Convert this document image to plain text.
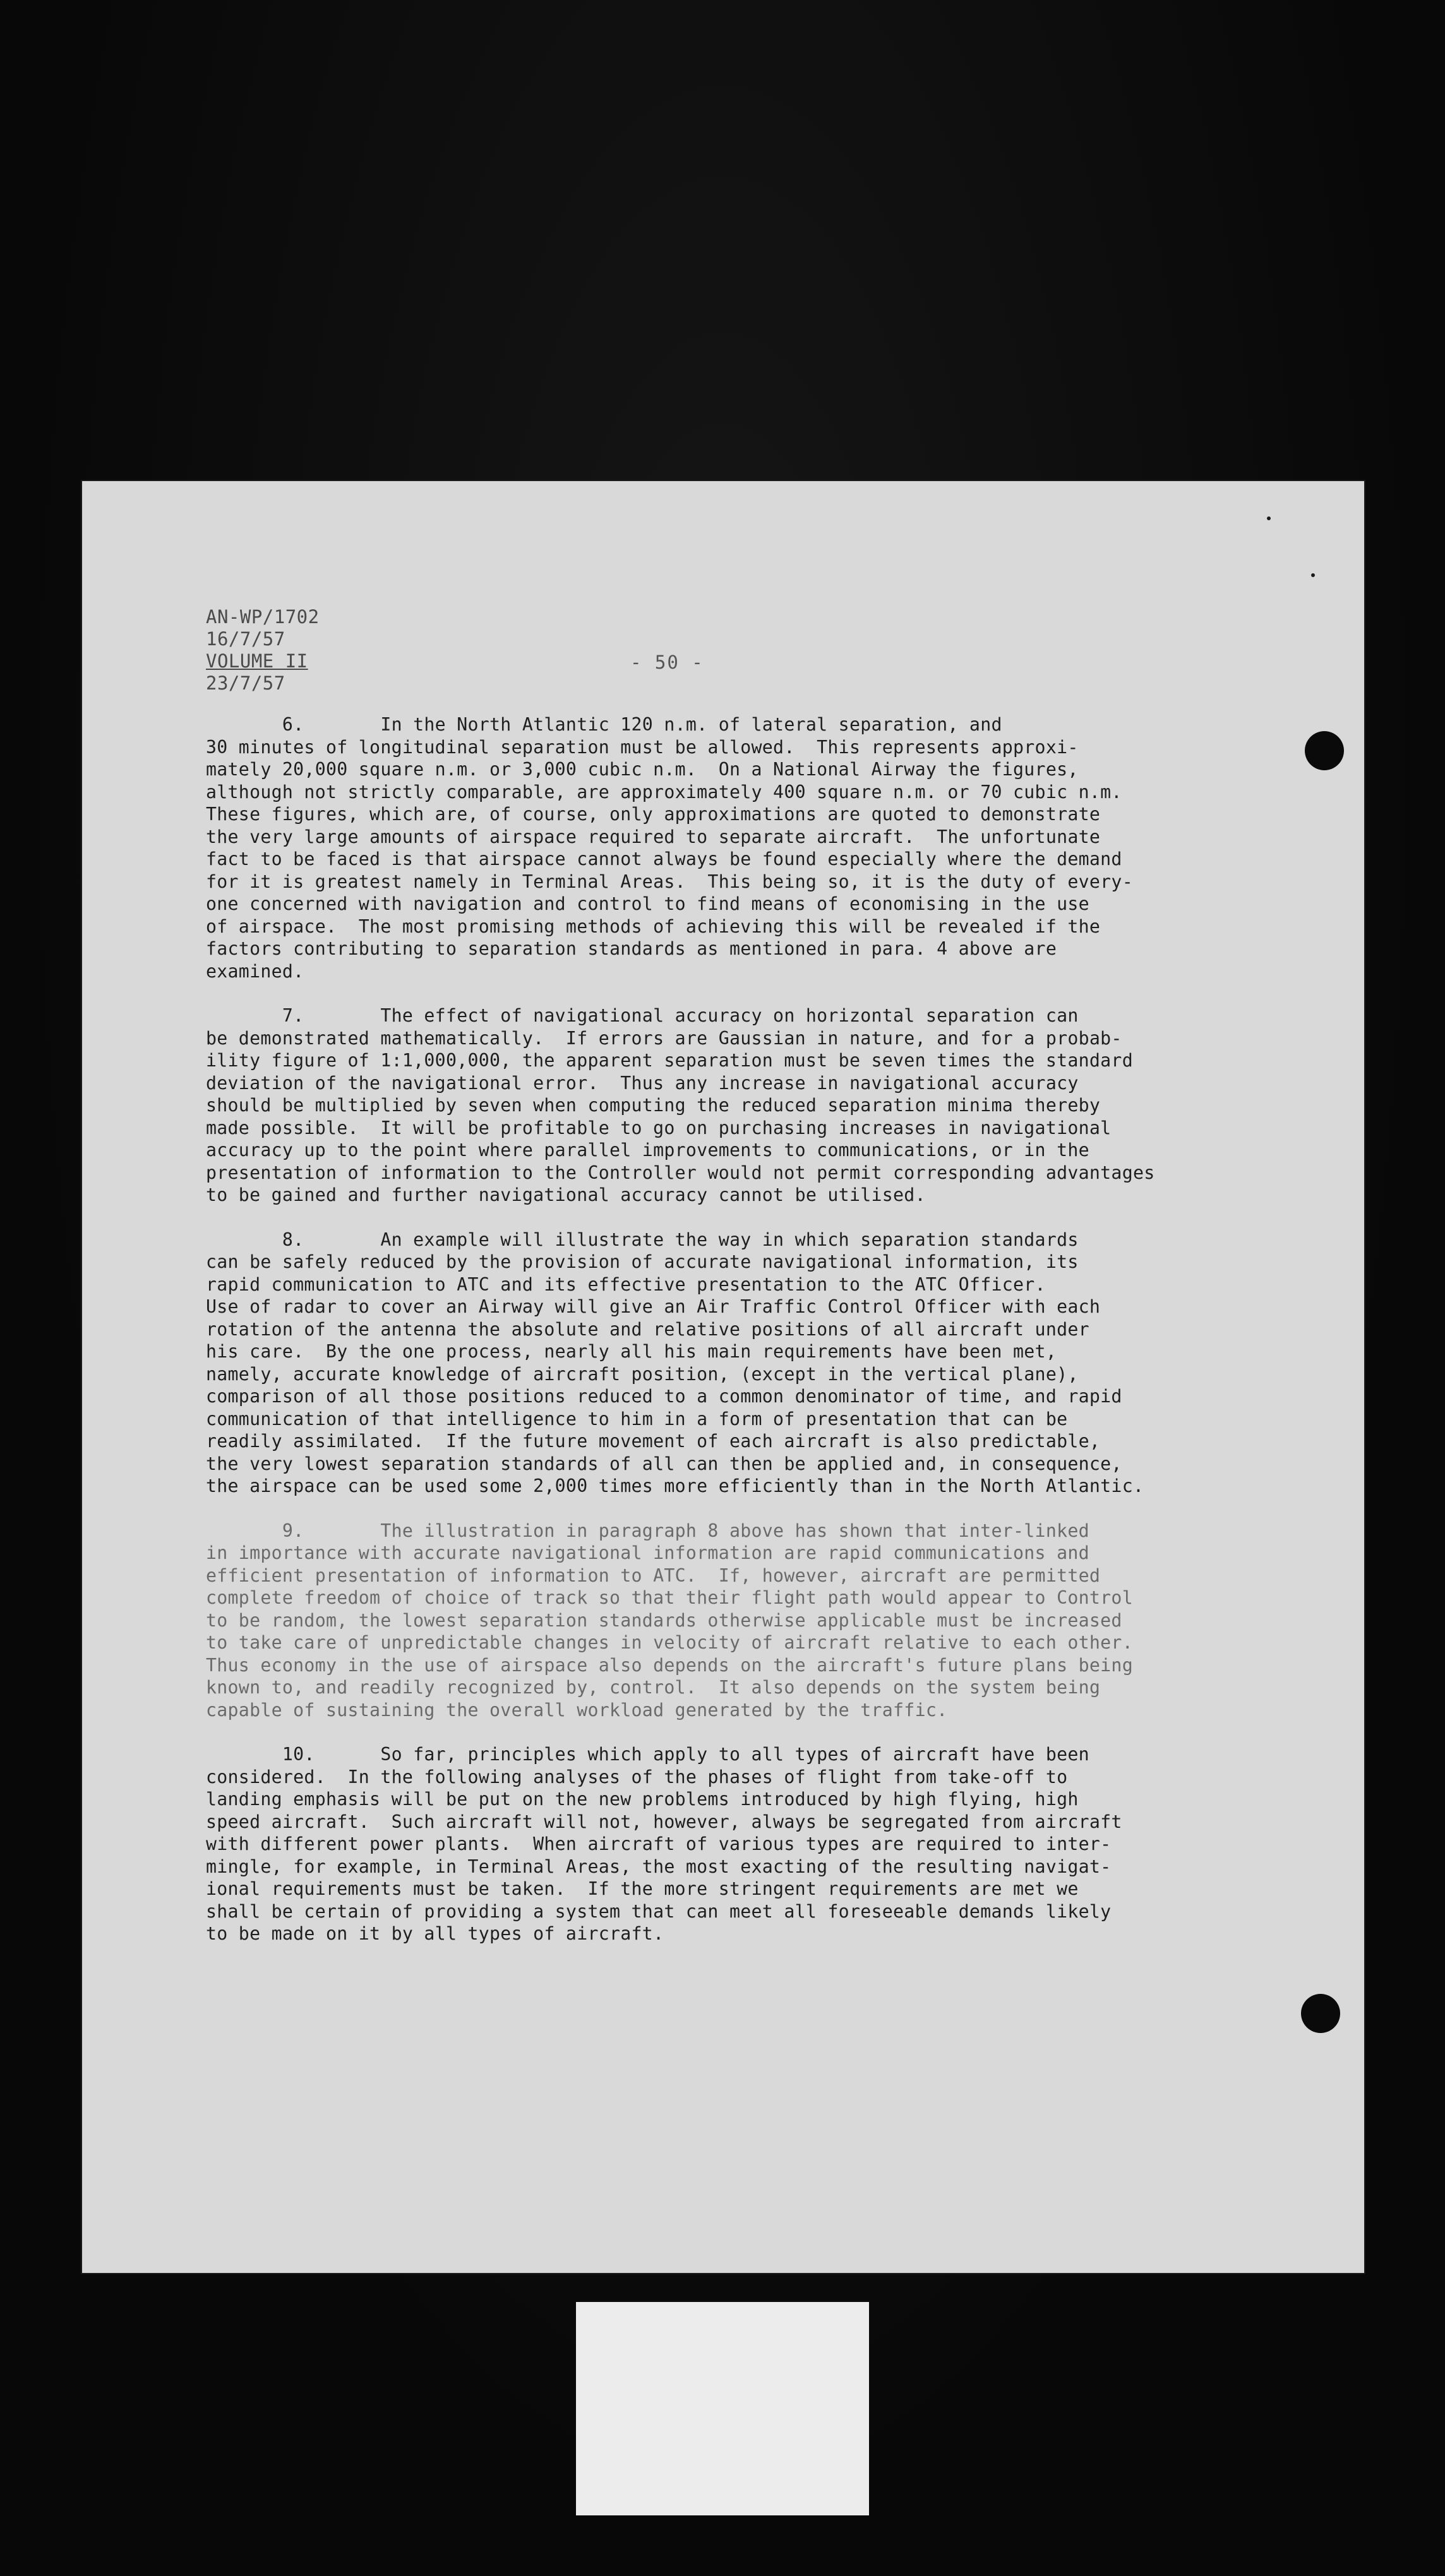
AN-WP/1702
16/7/57
VOLUME II
23/7/57
- 50 -
6.       In the North Atlantic 120 n.m. of lateral separation, and
30 minutes of longitudinal separation must be allowed.  This represents approxi-
mately 20,000 square n.m. or 3,000 cubic n.m.  On a National Airway the figures,
although not strictly comparable, are approximately 400 square n.m. or 70 cubic n.m.
These figures, which are, of course, only approximations are quoted to demonstrate
the very large amounts of airspace required to separate aircraft.  The unfortunate
fact to be faced is that airspace cannot always be found especially where the demand
for it is greatest namely in Terminal Areas.  This being so, it is the duty of every-
one concerned with navigation and control to find means of economising in the use
of airspace.  The most promising methods of achieving this will be revealed if the
factors contributing to separation standards as mentioned in para. 4 above are
examined.
7.       The effect of navigational accuracy on horizontal separation can
be demonstrated mathematically.  If errors are Gaussian in nature, and for a probab-
ility figure of 1:1,000,000, the apparent separation must be seven times the standard
deviation of the navigational error.  Thus any increase in navigational accuracy
should be multiplied by seven when computing the reduced separation minima thereby
made possible.  It will be profitable to go on purchasing increases in navigational
accuracy up to the point where parallel improvements to communications, or in the
presentation of information to the Controller would not permit corresponding advantages
to be gained and further navigational accuracy cannot be utilised.
8.       An example will illustrate the way in which separation standards
can be safely reduced by the provision of accurate navigational information, its
rapid communication to ATC and its effective presentation to the ATC Officer.
Use of radar to cover an Airway will give an Air Traffic Control Officer with each
rotation of the antenna the absolute and relative positions of all aircraft under
his care.  By the one process, nearly all his main requirements have been met,
namely, accurate knowledge of aircraft position, (except in the vertical plane),
comparison of all those positions reduced to a common denominator of time, and rapid
communication of that intelligence to him in a form of presentation that can be
readily assimilated.  If the future movement of each aircraft is also predictable,
the very lowest separation standards of all can then be applied and, in consequence,
the airspace can be used some 2,000 times more efficiently than in the North Atlantic.
9.       The illustration in paragraph 8 above has shown that inter-linked
in importance with accurate navigational information are rapid communications and
efficient presentation of information to ATC.  If, however, aircraft are permitted
complete freedom of choice of track so that their flight path would appear to Control
to be random, the lowest separation standards otherwise applicable must be increased
to take care of unpredictable changes in velocity of aircraft relative to each other.
Thus economy in the use of airspace also depends on the aircraft's future plans being
known to, and readily recognized by, control.  It also depends on the system being
capable of sustaining the overall workload generated by the traffic.
10.      So far, principles which apply to all types of aircraft have been
considered.  In the following analyses of the phases of flight from take-off to
landing emphasis will be put on the new problems introduced by high flying, high
speed aircraft.  Such aircraft will not, however, always be segregated from aircraft
with different power plants.  When aircraft of various types are required to inter-
mingle, for example, in Terminal Areas, the most exacting of the resulting navigat-
ional requirements must be taken.  If the more stringent requirements are met we
shall be certain of providing a system that can meet all foreseeable demands likely
to be made on it by all types of aircraft.
